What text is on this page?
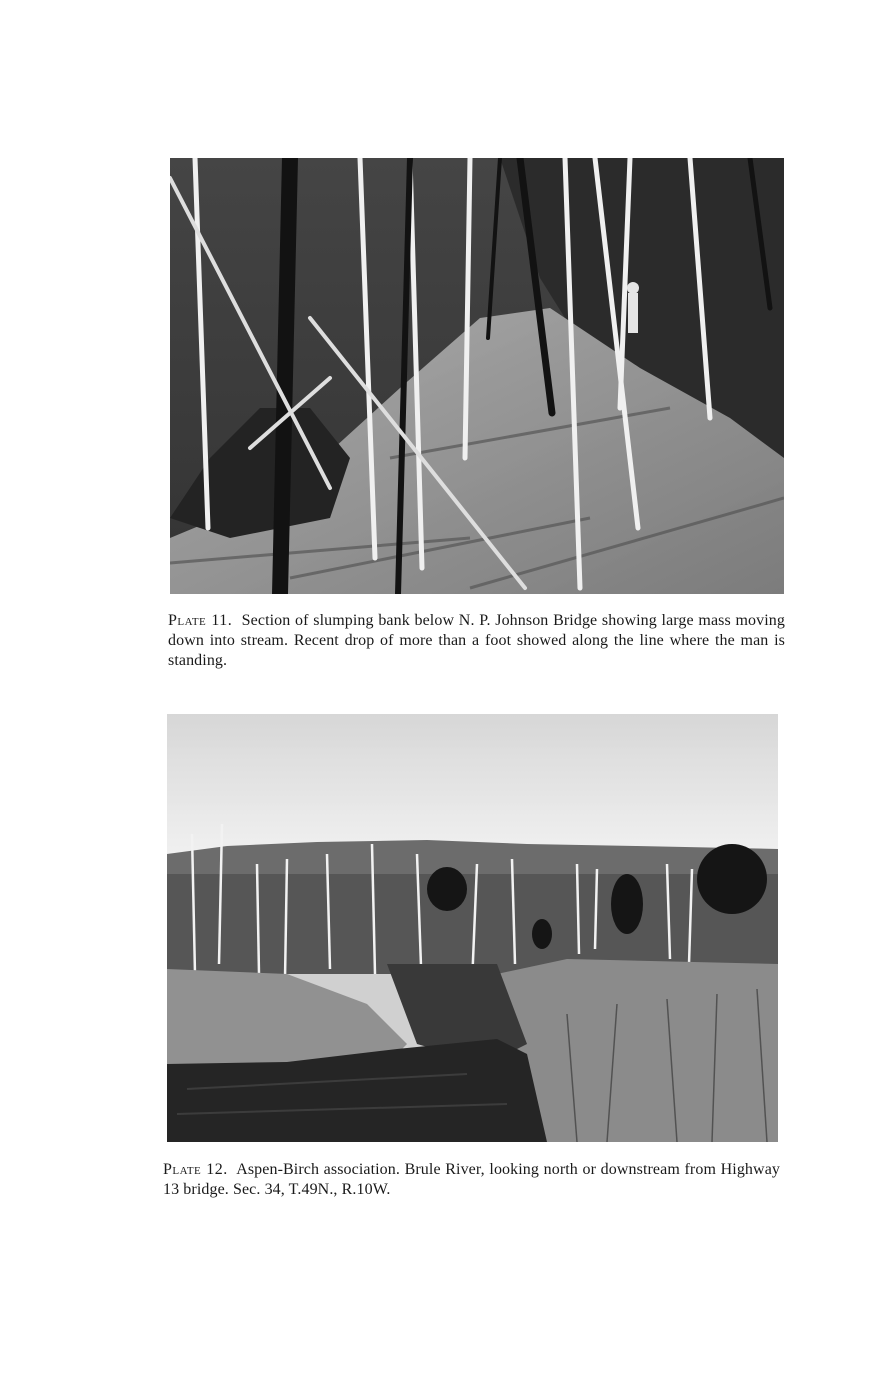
Plate 11. Section of slumping bank below N. P. Johnson Bridge showing large mass moving down into stream. Recent drop of more than a foot showed along the line where the man is standing.

Plate 12. Aspen-Birch association. Brule River, looking north or downstream from Highway 13 bridge. Sec. 34, T.49N., R.10W.
